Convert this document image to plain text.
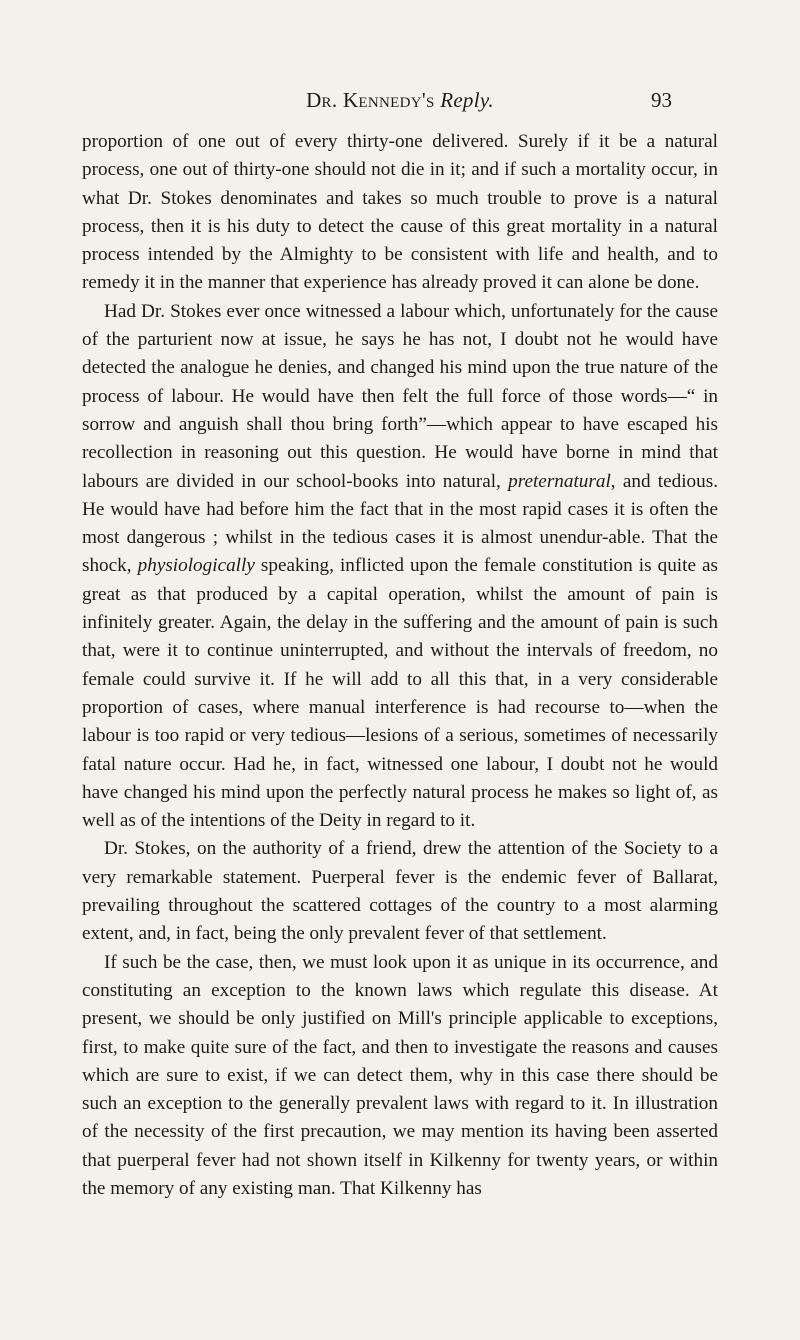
Dr. Kennedy's Reply.	93

proportion of one out of every thirty-one delivered. Surely if it be a natural process, one out of thirty-one should not die in it; and if such a mortality occur, in what Dr. Stokes denominates and takes so much trouble to prove is a natural process, then it is his duty to detect the cause of this great mortality in a natural process intended by the Almighty to be consistent with life and health, and to remedy it in the manner that experience has already proved it can alone be done.

Had Dr. Stokes ever once witnessed a labour which, unfortunately for the cause of the parturient now at issue, he says he has not, I doubt not he would have detected the analogue he denies, and changed his mind upon the true nature of the process of labour. He would have then felt the full force of those words—“ in sorrow and anguish shall thou bring forth”—which appear to have escaped his recollection in reasoning out this question. He would have borne in mind that labours are divided in our school-books into natural, preternatural, and tedious. He would have had before him the fact that in the most rapid cases it is often the most dangerous ; whilst in the tedious cases it is almost unendur-able. That the shock, physiologically speaking, inflicted upon the female constitution is quite as great as that produced by a capital operation, whilst the amount of pain is infinitely greater. Again, the delay in the suffering and the amount of pain is such that, were it to continue uninterrupted, and without the intervals of freedom, no female could survive it. If he will add to all this that, in a very considerable proportion of cases, where manual interference is had recourse to—when the labour is too rapid or very tedious—lesions of a serious, sometimes of necessarily fatal nature occur. Had he, in fact, witnessed one labour, I doubt not he would have changed his mind upon the perfectly natural process he makes so light of, as well as of the intentions of the Deity in regard to it.

Dr. Stokes, on the authority of a friend, drew the attention of the Society to a very remarkable statement. Puerperal fever is the endemic fever of Ballarat, prevailing throughout the scattered cottages of the country to a most alarming extent, and, in fact, being the only prevalent fever of that settlement.

If such be the case, then, we must look upon it as unique in its occurrence, and constituting an exception to the known laws which regulate this disease. At present, we should be only justified on Mill's principle applicable to exceptions, first, to make quite sure of the fact, and then to investigate the reasons and causes which are sure to exist, if we can detect them, why in this case there should be such an exception to the generally prevalent laws with regard to it. In illustration of the necessity of the first precaution, we may mention its having been asserted that puerperal fever had not shown itself in Kilkenny for twenty years, or within the memory of any existing man. That Kilkenny has
